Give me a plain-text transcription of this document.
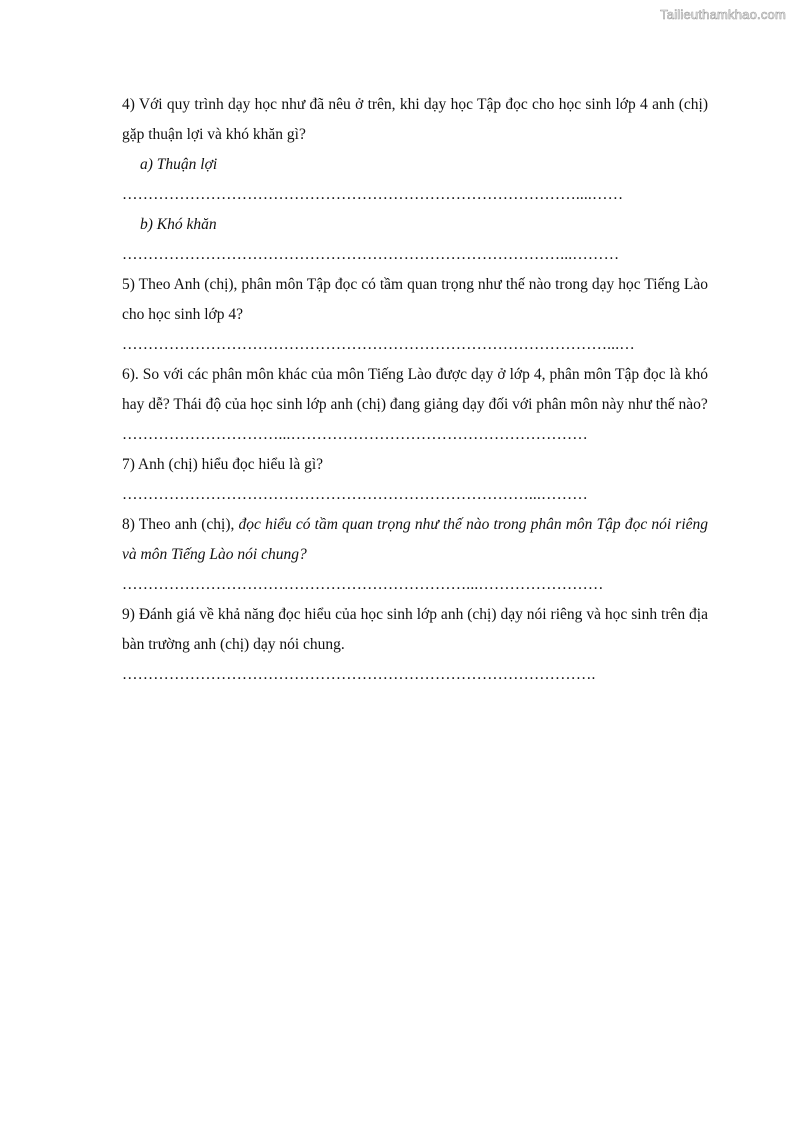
Tailieuthamkhao.com

4) Với quy trình dạy học như đã nêu ở trên, khi dạy học Tập đọc cho học sinh lớp 4 anh (chị) gặp thuận lợi và khó khăn gì?

a) Thuận lợi

……………………………………………………………………………....……

b) Khó khăn

…………………………………………………………………………...………

5) Theo Anh (chị), phân môn Tập đọc có tầm quan trọng như thế nào trong dạy học Tiếng Lào cho học sinh lớp 4?

…………………………………………………………………………………...…

6). So với các phân môn khác của môn Tiếng Lào được dạy ở lớp 4, phân môn Tập đọc là khó hay dễ? Thái độ của học sinh lớp anh (chị) đang giảng dạy đối với phân môn này như thế nào?

…………………………...…………………………………………………

7) Anh (chị) hiểu đọc hiểu là gì?

……………………………………………………………………...………

8) Theo anh (chị), đọc hiểu có tầm quan trọng như thế nào trong phân môn Tập đọc nói riêng và môn Tiếng Lào nói chung?

…………………………………………………………...……………………

9) Đánh giá về khả năng đọc hiểu của học sinh lớp anh (chị) dạy nói riêng và học sinh trên địa bàn trường anh (chị) dạy nói chung.

……………………………………………………………………………….
